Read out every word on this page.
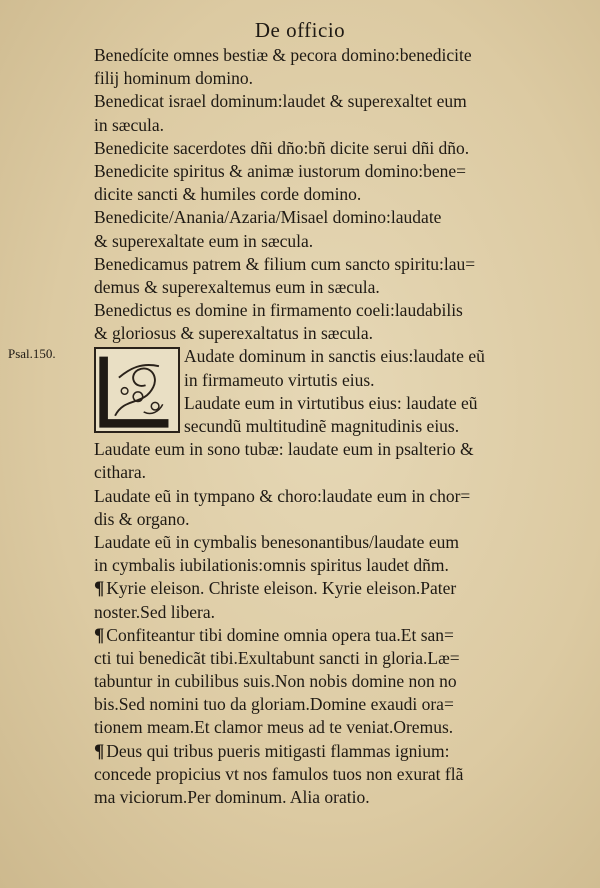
De officio
Psal.150.
Benedícite omnes bestiæ & pecora domino:benedicite
filij hominum domino.
Benedicat israel dominum:laudet & superexaltet eum
in sæcula.
Benedicite sacerdotes dñi dño:bñ dicite serui dñi dño.
Benedicite spiritus & animæ iustorum domino:bene=
dicite sancti & humiles corde domino.
Benedicite/Anania/Azaria/Misael domino:laudate
& superexaltate eum in sæcula.
Benedicamus patrem & filium cum sancto spiritu:lau=
demus & superexaltemus eum in sæcula.
Benedictus es domine in firmamento coeli:laudabilis
& gloriosus & superexaltatus in sæcula.
Audate dominum in sanctis eius:laudate eũ
in firmameuto virtutis eius.
Laudate eum in virtutibus eius: laudate eũ
secundũ multitudinẽ magnitudinis eius.
Laudate eum in sono tubæ: laudate eum in psalterio &
cithara.
Laudate eũ in tympano & choro:laudate eum in chor=
dis & organo.
Laudate eũ in cymbalis benesonantibus/laudate eum
in cymbalis iubilationis:omnis spiritus laudet dñm.
¶ Kyrie eleison. Christe eleison. Kyrie eleison.Pater
noster.Sed libera.
¶ Confiteantur tibi domine omnia opera tua.Et san=
cti tui benedicãt tibi.Exultabunt sancti in gloria.Læ=
tabuntur in cubilibus suis.Non nobis domine non no
bis.Sed nomini tuo da gloriam.Domine exaudi ora=
tionem meam.Et clamor meus ad te veniat.Oremus.
¶ Deus qui tribus pueris mitigasti flammas ignium:
concede propicius vt nos famulos tuos non exurat flã
ma viciorum.Per dominum. Alia oratio.
